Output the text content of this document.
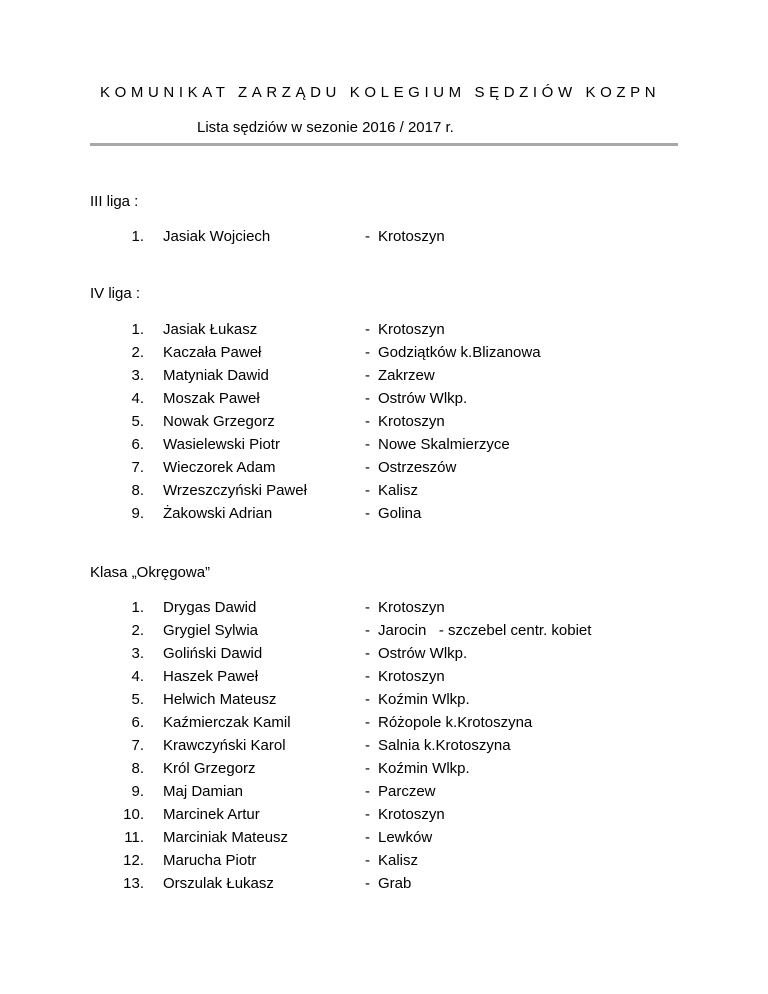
KOMUNIKAT ZARZĄDU KOLEGIUM SĘDZIÓW KOZPN
Lista sędziów w sezonie 2016 / 2017 r.
III liga :
1. Jasiak Wojciech	- Krotoszyn
IV liga :
1. Jasiak Łukasz	- Krotoszyn
2. Kaczała Paweł	- Godziątków k.Blizanowa
3. Matyniak Dawid	- Zakrzew
4. Moszak Paweł	- Ostrów Wlkp.
5. Nowak Grzegorz	- Krotoszyn
6. Wasielewski Piotr	- Nowe Skalmierzyce
7. Wieczorek Adam	- Ostrzeszów
8. Wrzeszczyński Paweł	- Kalisz
9. Żakowski Adrian	- Golina
Klasa „Okręgowa”
1. Drygas Dawid	- Krotoszyn
2. Grygiel Sylwia	- Jarocin   - szczebel centr. kobiet
3. Goliński Dawid	- Ostrów Wlkp.
4. Haszek Paweł	- Krotoszyn
5. Helwich Mateusz	- Koźmin Wlkp.
6. Kaźmierczak Kamil	- Różopole k.Krotoszyna
7. Krawczyński Karol	- Salnia k.Krotoszyna
8. Król Grzegorz	- Koźmin Wlkp.
9. Maj Damian	- Parczew
10. Marcinek Artur	- Krotoszyn
11. Marciniak Mateusz	- Lewków
12. Marucha Piotr	- Kalisz
13. Orszulak Łukasz	- Grab
